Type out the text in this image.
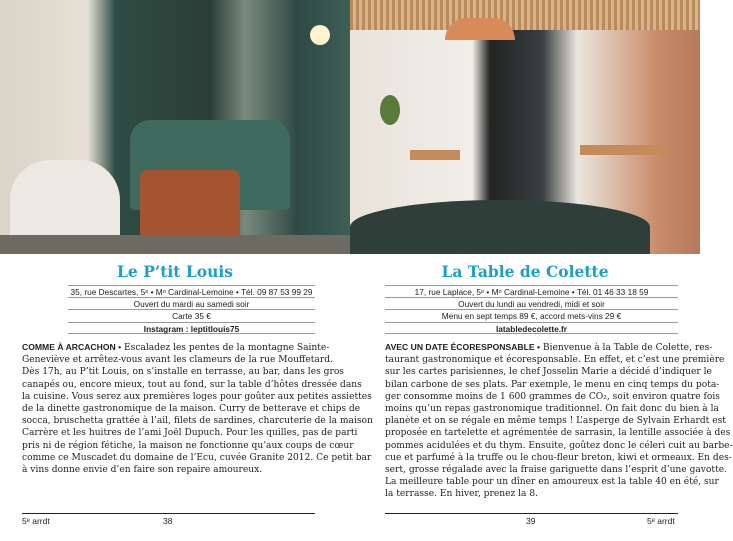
Le P’tit Louis
35, rue Descartes, 5ᵉ • Mᵒ Cardinal-Lemoine • Tél. 09 87 53 99 29
Ouvert du mardi au samedi soir
Carte 35 €
Instagram : leptitlouis75
COMME À ARCACHON • Escaladez les pentes de la montagne Sainte-
Geneviève et arrêtez-vous avant les clameurs de la rue Mouffetard.
Dès 17h, au P’tit Louis, on s’installe en terrasse, au bar, dans les gros
canapés ou, encore mieux, tout au fond, sur la table d’hôtes dressée dans
la cuisine. Vous serez aux premières loges pour goûter aux petites assiettes
de la dinette gastronomique de la maison. Curry de betterave et chips de
socca, bruschetta grattée à l’ail, filets de sardines, charcuterie de la maison
Carrère et les huitres de l’ami Joël Dupuch. Pour les quilles, pas de parti
pris ni de région fétiche, la maison ne fonctionne qu’aux coups de cœur
comme ce Muscadet du domaine de l’Ecu, cuvée Granite 2012. Ce petit bar
à vins donne envie d’en faire son repaire amoureux.
5ᵉ arrdt	38
La Table de Colette
17, rue Laplace, 5ᵉ • Mᵒ Cardinal-Lemoine • Tél. 01 46 33 18 59
Ouvert du lundi au vendredi, midi et soir
Menu en sept temps 89 €, accord mets-vins 29 €
latabledecolette.fr
AVEC UN DATE ÉCORESPONSABLE • Bienvenue à la Table de Colette, res-
taurant gastronomique et écoresponsable. En effet, et c’est une première
sur les cartes parisiennes, le chef Josselin Marie a décidé d’indiquer le
bilan carbone de ses plats. Par exemple, le menu en cinq temps du pota-
ger consomme moins de 1 600 grammes de CO₂, soit environ quatre fois
moins qu’un repas gastronomique traditionnel. On fait donc du bien à la
planète et on se régale en même temps ! L’asperge de Sylvain Erhardt est
proposée en tartelette et agrémentée de sarrasin, la lentille associée à des
pommes acidulées et du thym. Ensuite, goûtez donc le céleri cuit au barbe-
cue et parfumé à la truffe ou le chou-fleur breton, kiwi et ormeaux. En des-
sert, grosse régalade avec la fraise gariguette dans l’esprit d’une gavotte.
La meilleure table pour un dîner en amoureux est la table 40 en été, sur
la terrasse. En hiver, prenez la 8.
39	5ᵉ arrdt
